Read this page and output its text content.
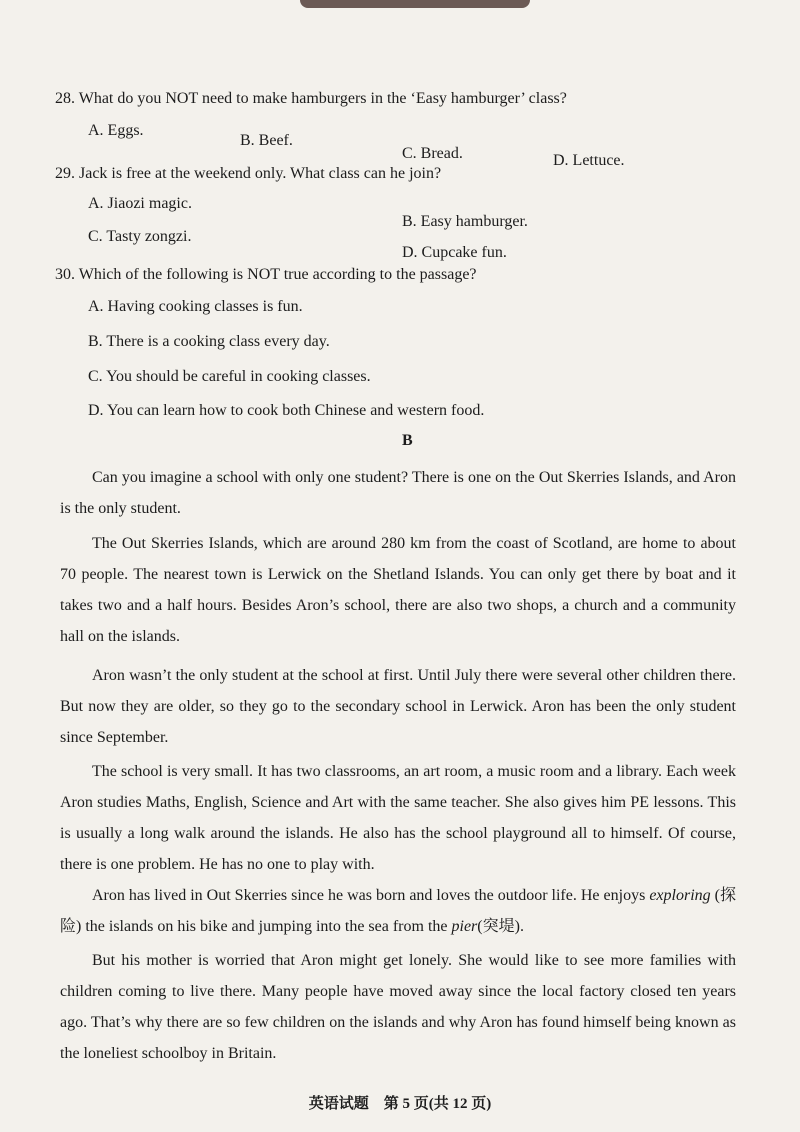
28. What do you NOT need to make hamburgers in the ‘Easy hamburger’ class?
A. Eggs.
B. Beef.
C. Bread.	D. Lettuce.
29. Jack is free at the weekend only. What class can he join?
A. Jiaozi magic.
B. Easy hamburger.
C. Tasty zongzi.
D. Cupcake fun.
30. Which of the following is NOT true according to the passage?
A. Having cooking classes is fun.
B. There is a cooking class every day.
C. You should be careful in cooking classes.
D. You can learn how to cook both Chinese and western food.
B
Can you imagine a school with only one student? There is one on the Out Skerries Islands, and Aron is the only student.
The Out Skerries Islands, which are around 280 km from the coast of Scotland, are home to about 70 people. The nearest town is Lerwick on the Shetland Islands. You can only get there by boat and it takes two and a half hours. Besides Aron’s school, there are also two shops, a church and a community hall on the islands.
Aron wasn’t the only student at the school at first. Until July there were several other children there. But now they are older, so they go to the secondary school in Lerwick. Aron has been the only student since September.
The school is very small. It has two classrooms, an art room, a music room and a library. Each week Aron studies Maths, English, Science and Art with the same teacher. She also gives him PE lessons. This is usually a long walk around the islands. He also has the school playground all to himself. Of course, there is one problem. He has no one to play with.
Aron has lived in Out Skerries since he was born and loves the outdoor life. He enjoys exploring (探险) the islands on his bike and jumping into the sea from the pier(突堤).
But his mother is worried that Aron might get lonely. She would like to see more families with children coming to live there. Many people have moved away since the local factory closed ten years ago. That’s why there are so few children on the islands and why Aron has found himself being known as the loneliest schoolboy in Britain.
英语试题　第 5 页(共 12 页)
